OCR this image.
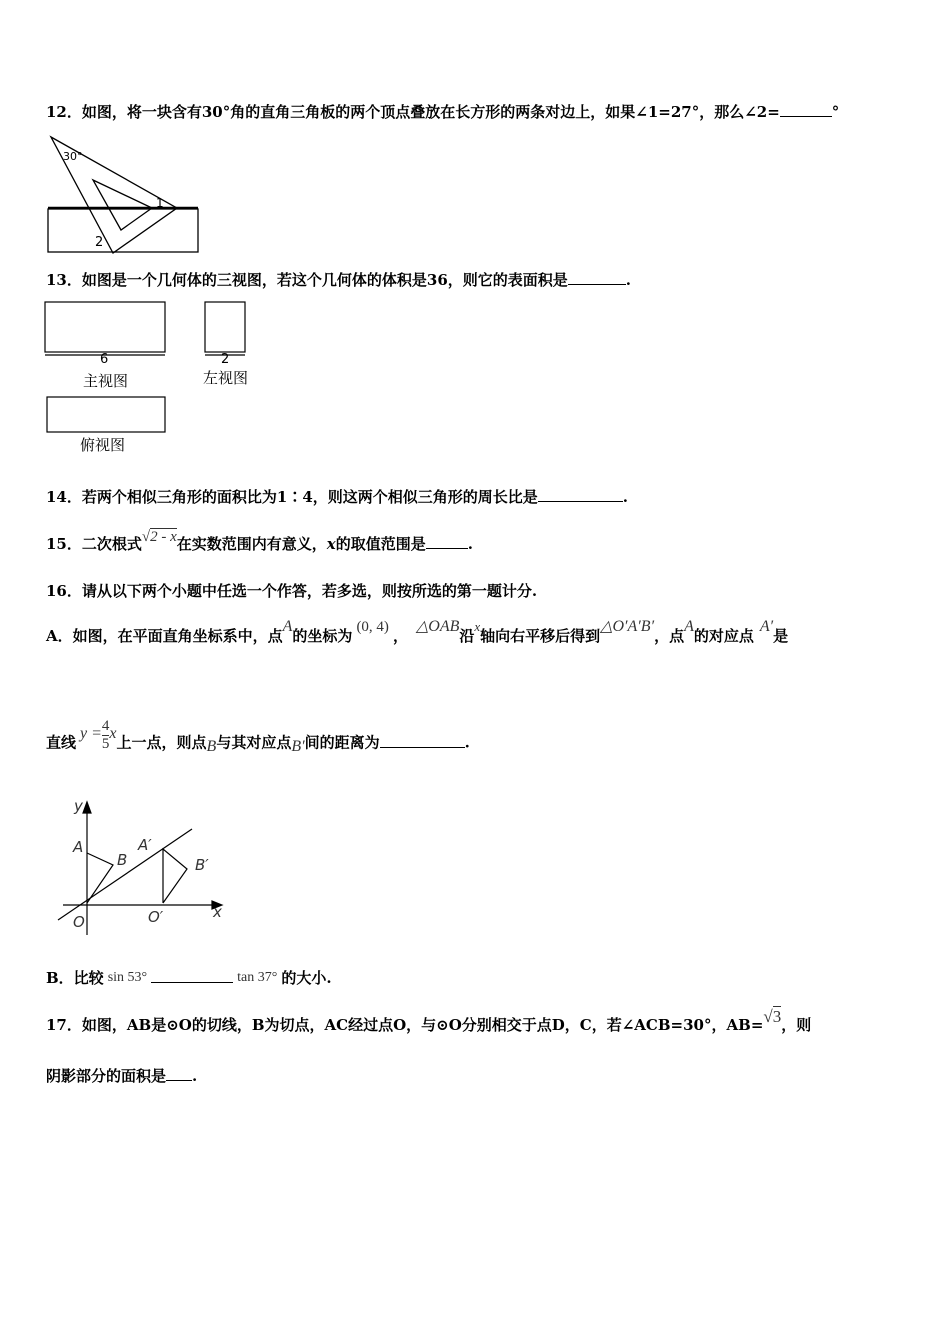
12．如图，将一块含有30°角的直角三角板的两个顶点叠放在长方形的两条对边上，如果∠1=27°，那么∠2=	°
30°
1
2
13．如图是一个几何体的三视图，若这个几何体的体积是36，则它的表面积是	.
6
主视图
2
左视图
俯视图
14．若两个相似三角形的面积比为1∶4，则这两个相似三角形的周长比是	.
15．二次根式√2 - x在实数范围内有意义，x的取值范围是	.
16．请从以下两个小题中任选一个作答，若多选，则按所选的第一题计分.
A．如图，在平面直角坐标系中，点A的坐标为 (0, 4) ，△OAB沿x轴向右平移后得到△O′A′B′，点A的对应点A′是
直线$y = \frac{4}{5}$ x上一点，则点B与其对应点B′间的距离为	.
y
x
A
B
A′
B′
O	O′
B．比较 sin 53°	tan 37° 的大小.
17．如图，AB是⊙O的切线，B为切点，AC经过点O，与⊙O分别相交于点D，C，若∠ACB=30°，AB=√3，则
阴影部分的面积是 .
